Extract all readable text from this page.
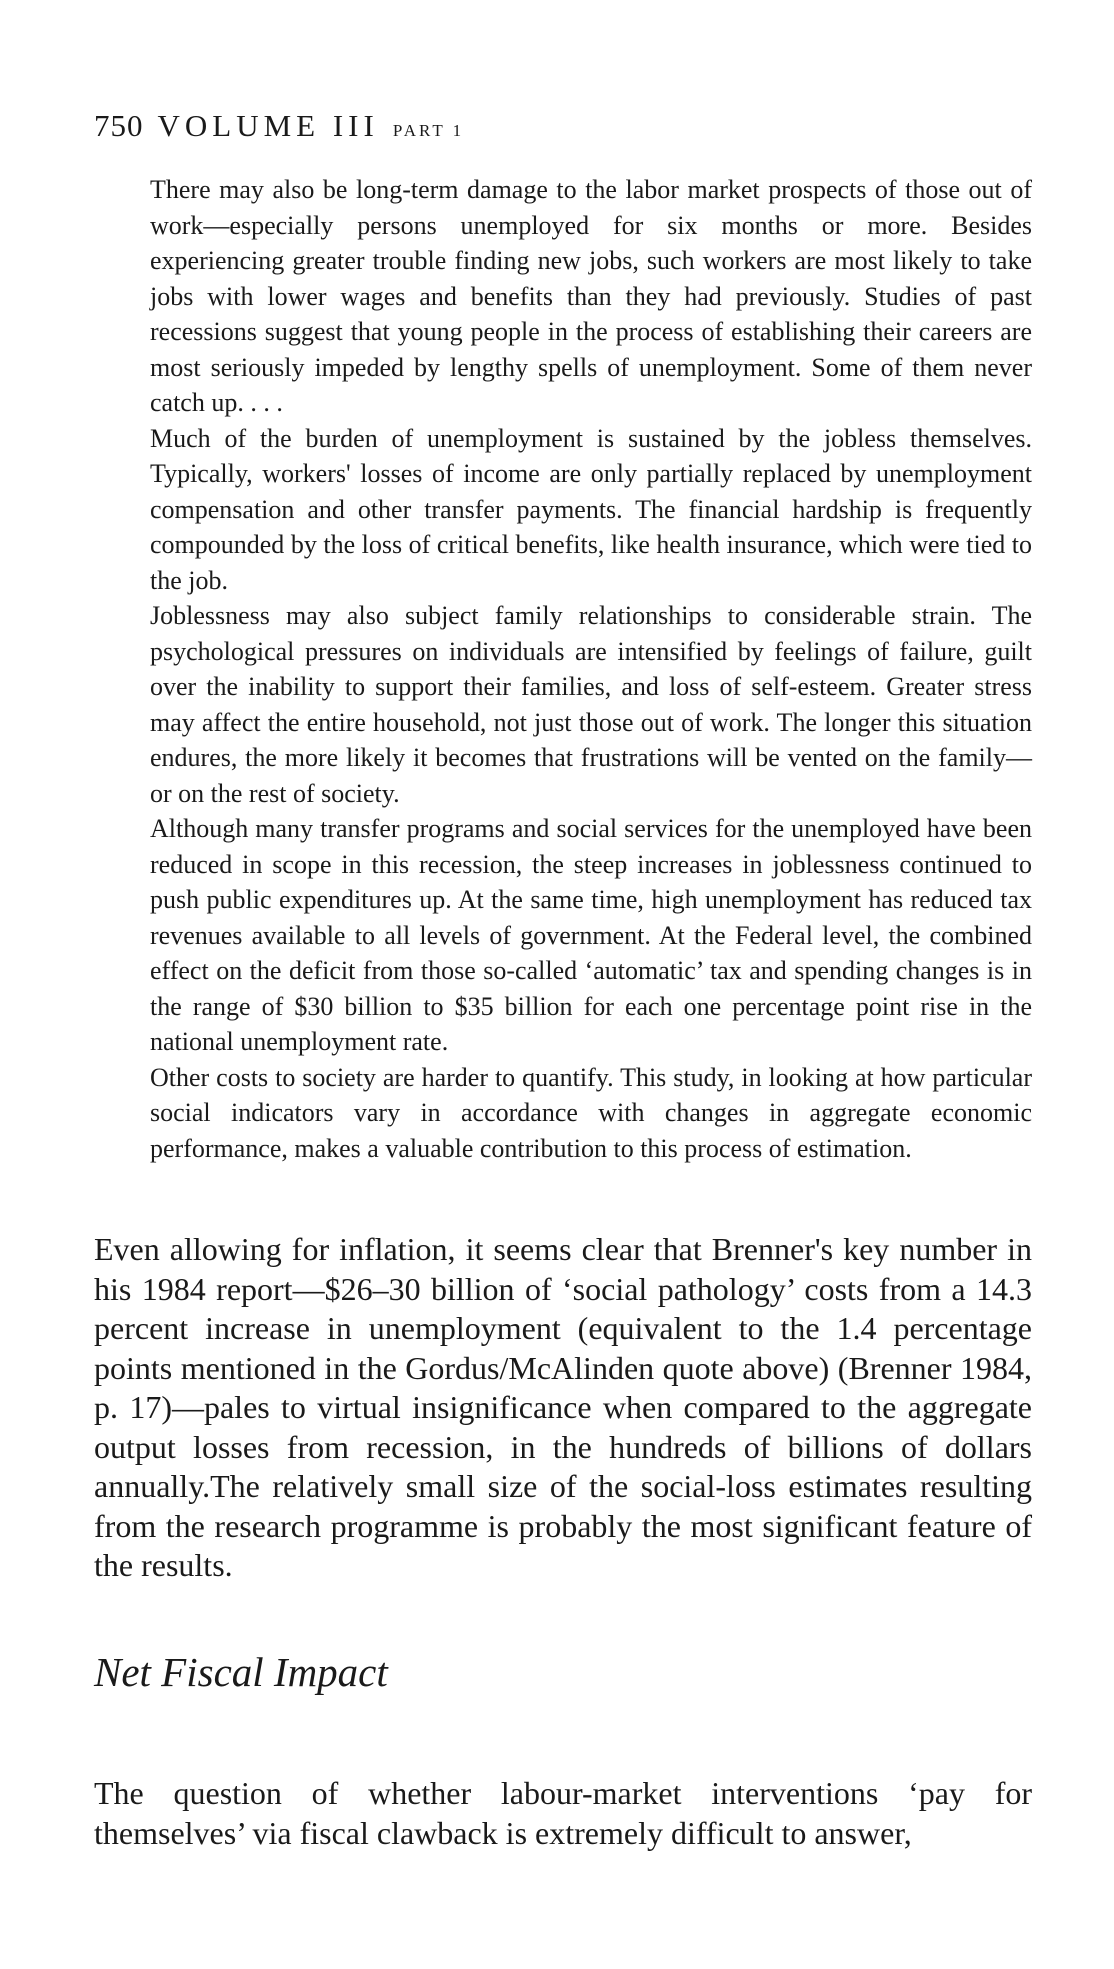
750 VOLUME III PART 1

There may also be long-term damage to the labor market prospects of those out of work—especially persons unemployed for six months or more. Besides experiencing greater trouble finding new jobs, such workers are most likely to take jobs with lower wages and benefits than they had previously. Studies of past recessions suggest that young people in the process of establishing their careers are most seriously impeded by lengthy spells of unemployment. Some of them never catch up. . . .

Much of the burden of unemployment is sustained by the jobless themselves. Typically, workers' losses of income are only partially replaced by unemployment compensation and other transfer payments. The financial hardship is frequently compounded by the loss of critical benefits, like health insurance, which were tied to the job.

Joblessness may also subject family relationships to considerable strain. The psychological pressures on individuals are intensified by feelings of failure, guilt over the inability to support their families, and loss of self-esteem. Greater stress may affect the entire household, not just those out of work. The longer this situation endures, the more likely it becomes that frustrations will be vented on the family—or on the rest of society.

Although many transfer programs and social services for the unemployed have been reduced in scope in this recession, the steep increases in joblessness continued to push public expenditures up. At the same time, high unemployment has reduced tax revenues available to all levels of government. At the Federal level, the combined effect on the deficit from those so-called ‘automatic’ tax and spending changes is in the range of $30 billion to $35 billion for each one percentage point rise in the national unemployment rate.

Other costs to society are harder to quantify. This study, in looking at how particular social indicators vary in accordance with changes in aggregate economic performance, makes a valuable contribution to this process of estimation.

Even allowing for inflation, it seems clear that Brenner's key number in his 1984 report—$26–30 billion of ‘social pathology’ costs from a 14.3 percent increase in unemployment (equivalent to the 1.4 percentage points mentioned in the Gordus/McAlinden quote above) (Brenner 1984, p. 17)—pales to virtual insignificance when compared to the aggregate output losses from recession, in the hundreds of billions of dollars annually.The relatively small size of the social-loss estimates resulting from the research programme is probably the most significant feature of the results.

Net Fiscal Impact

The question of whether labour-market interventions ‘pay for themselves’ via fiscal clawback is extremely difficult to answer,
